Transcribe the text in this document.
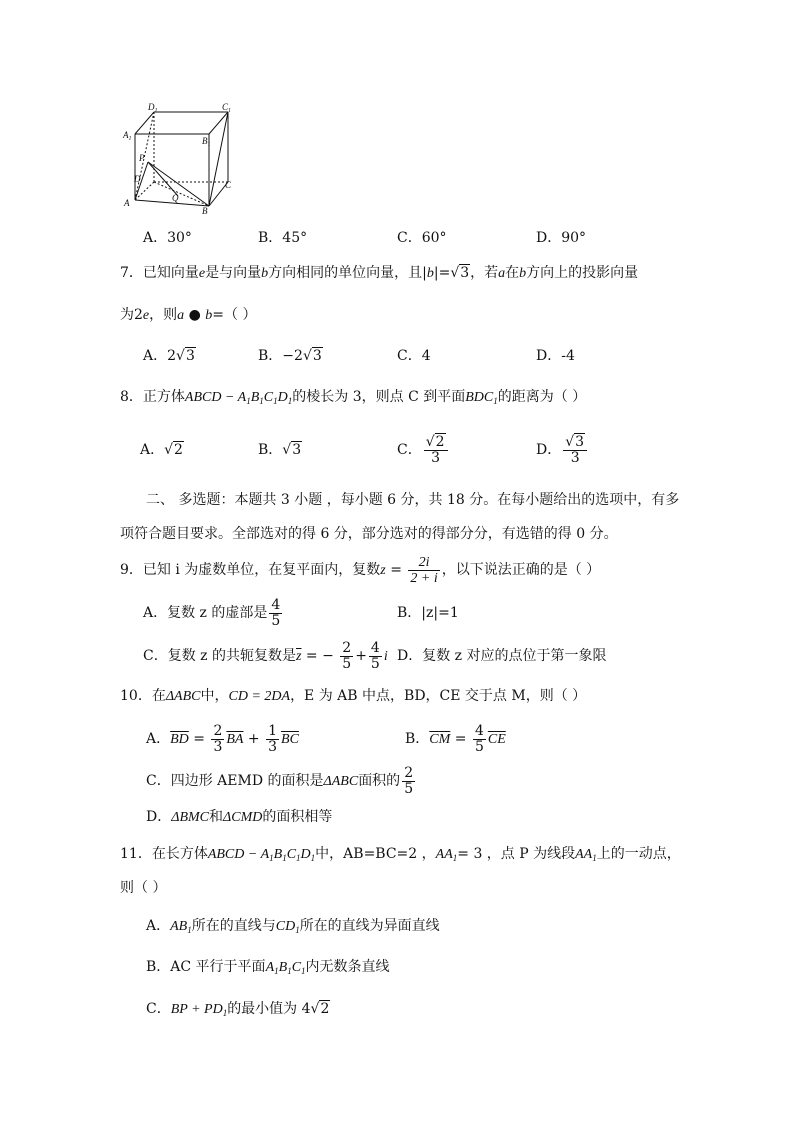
$D_1$	$C_1$
$A_1$	$B_1$
P
D
C
A	Q
B
A．30°	B．45°	C．60°	D．90°
7．已知向量e是与向量b方向相同的单位向量，且|b|=√3，若a在b方向上的投影向量
为2e，则a ● b=（ ）
A．2√3	B．−2√3	C．4	D．-4
8．正方体ABCD − $A_1B_1C_1D_1$的棱长为 3，则点 C 到平面$BDC_1$的距离为（ ）
A．√2	B．√3	C． $\frac{√2}{3}$	D． $\frac{√3}{3}$
二、 多选题：本题共 3 小题 ，每小题 6 分，共 18 分。在每小题给出的选项中，有多
项符合题目要求。全部选对的得 6 分，部分选对的得部分分，有选错的得 0 分。
9．已知 i 为虚数单位，在复平面内，复数$z = \frac{2i}{2 + i}$ ，以下说法正确的是（ ）
A．复数 z 的虚部是 $\frac{4}{5}$	B．|z|=1
C．复数 z 的共轭复数是$\overline{z}$ = − $\frac{2}{5} + \frac{4}{5}$ i D．复数 z 对应的点位于第一象限
10．在ΔABC中，CD = 2DA，E 为 AB 中点，BD，CE 交于点 M，则（ ）
A．$\overline{BD} = \frac{2}{3} \overline{BA} + \frac{1}{3} \overline{BC}$	B．$\overline{CM} = \frac{4}{5} \overline{CE}$
C．四边形 AEMD 的面积是ΔABC面积的 $\frac{2}{5}$
D．ΔBMC和ΔCMD的面积相等
11．在长方体ABCD − $A_1B_1C_1D_1$中，AB=BC=2 ，$AA_1= 3$ ，点 P 为线段$AA_1$上的一动点，
则（ ）
A．$AB_1$所在的直线与$CD_1$所在的直线为异面直线
B．AC 平行于平面$A_1B_1C_1$内无数条直线
C．BP + $PD_1$的最小值为 4√2
